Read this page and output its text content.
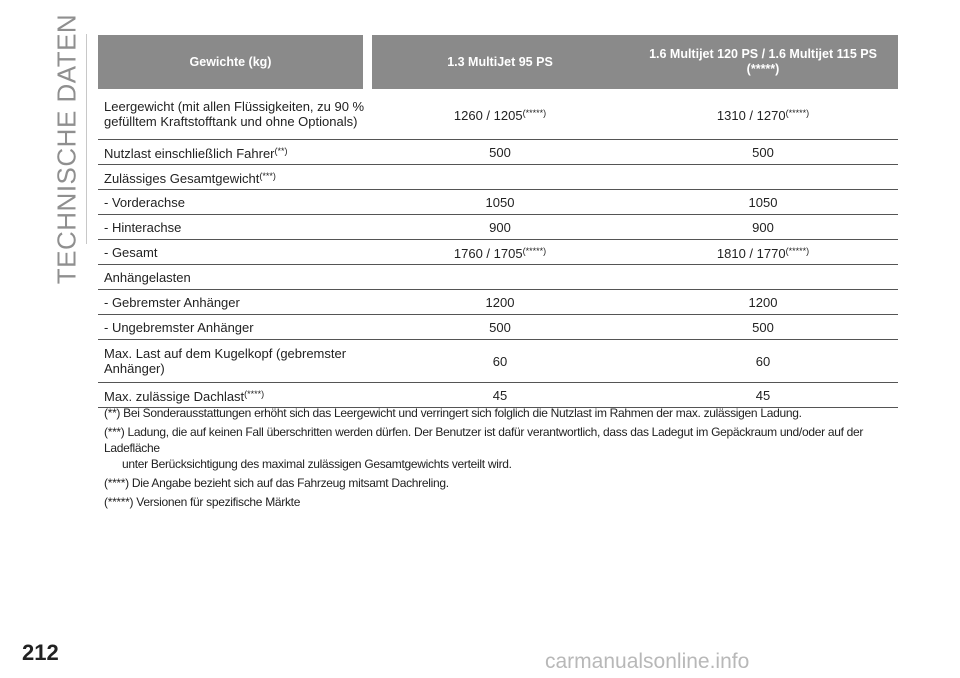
TECHNISCHE DATEN	Gewichte (kg)		1.3 MultiJet 95 PS	1.6 Multijet 120 PS / 1.6 Multijet 115 PS
(*****)
Leergewicht (mit allen Flüssigkeiten, zu 90 % gefülltem Kraftstofftank und ohne Optionals)		1260 / 1205(*****)	1310 / 1270(*****)
Nutzlast einschließlich Fahrer(**)		500	500
Zulässiges Gesamtgewicht(***)		
- Vorderachse		1050	1050
- Hinterachse		900	900
- Gesamt		1760 / 1705(*****)	1810 / 1770(*****)
Anhängelasten			
- Gebremster Anhänger		1200	1200
- Ungebremster Anhänger		500	500
Max. Last auf dem Kugelkopf (gebremster Anhänger)		60	60
Max. zulässige Dachlast(****)		45	45

(**) Bei Sonderausstattungen erhöht sich das Leergewicht und verringert sich folglich die Nutzlast im Rahmen der max. zulässigen Ladung.

(***) Ladung, die auf keinen Fall überschritten werden dürfen. Der Benutzer ist dafür verantwortlich, dass das Ladegut im Gepäckraum und/oder auf der Ladefläche

unter Berücksichtigung des maximal zulässigen Gesamtgewichts verteilt wird.

(****) Die Angabe bezieht sich auf das Fahrzeug mitsamt Dachreling.

(*****) Versionen für spezifische Märkte

212	carmanualsonline.info
